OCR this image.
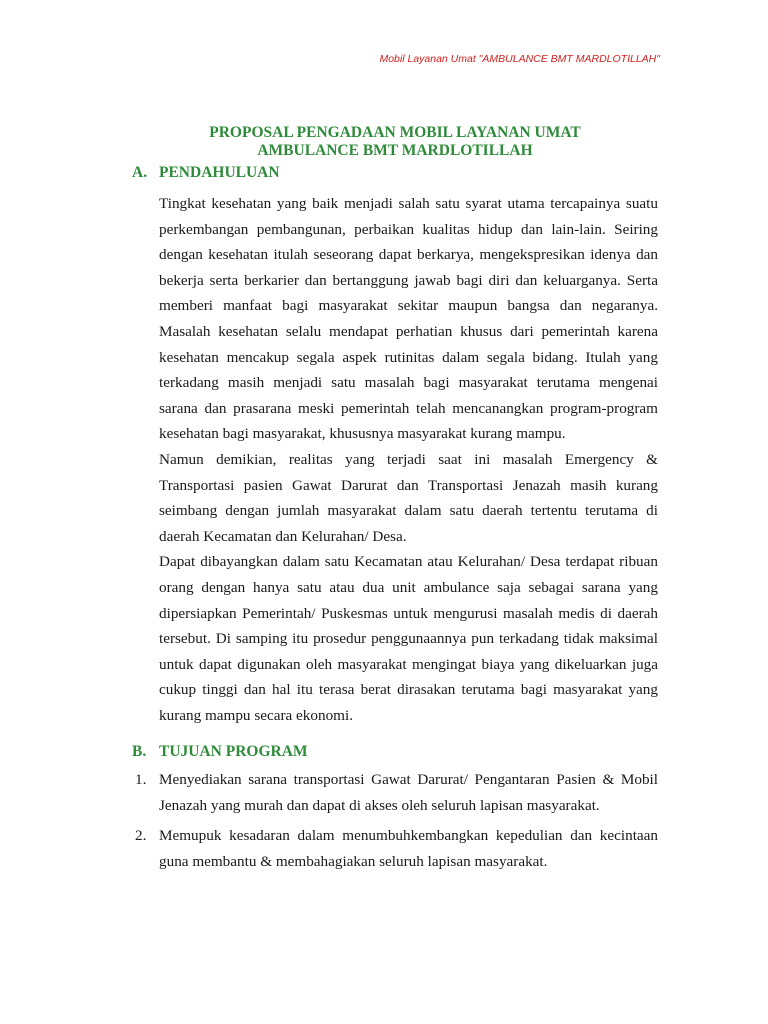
Mobil Layanan Umat "AMBULANCE BMT MARDLOTILLAH"
PROPOSAL PENGADAAN MOBIL LAYANAN UMAT
AMBULANCE BMT MARDLOTILLAH
A. PENDAHULUAN

Tingkat kesehatan yang baik menjadi salah satu syarat utama tercapainya suatu perkembangan pembangunan, perbaikan kualitas hidup dan lain-lain. Seiring dengan kesehatan itulah seseorang dapat berkarya, mengekspresikan idenya dan bekerja serta berkarier dan bertanggung jawab bagi diri dan keluarganya. Serta memberi manfaat bagi masyarakat sekitar maupun bangsa dan negaranya. Masalah kesehatan selalu mendapat perhatian khusus dari pemerintah karena kesehatan mencakup segala aspek rutinitas dalam segala bidang. Itulah yang terkadang masih menjadi satu masalah bagi masyarakat terutama mengenai sarana dan prasarana meski pemerintah telah mencanangkan program-program kesehatan bagi masyarakat, khususnya masyarakat kurang mampu.

Namun demikian, realitas yang terjadi saat ini masalah Emergency & Transportasi pasien Gawat Darurat dan Transportasi Jenazah masih kurang seimbang dengan jumlah masyarakat dalam satu daerah tertentu terutama di daerah Kecamatan dan Kelurahan/ Desa.

Dapat dibayangkan dalam satu Kecamatan atau Kelurahan/ Desa terdapat ribuan orang dengan hanya satu atau dua unit ambulance saja sebagai sarana yang dipersiapkan Pemerintah/ Puskesmas untuk mengurusi masalah medis di daerah tersebut. Di samping itu prosedur penggunaannya pun terkadang tidak maksimal untuk dapat digunakan oleh masyarakat mengingat biaya yang dikeluarkan juga cukup tinggi dan hal itu terasa berat dirasakan terutama bagi masyarakat yang kurang mampu secara ekonomi.

B. TUJUAN PROGRAM
1. Menyediakan sarana transportasi Gawat Darurat/ Pengantaran Pasien & Mobil Jenazah yang murah dan dapat di akses oleh seluruh lapisan masyarakat.
2. Memupuk kesadaran dalam menumbuhkembangkan kepedulian dan kecintaan guna membantu & membahagiakan seluruh lapisan masyarakat.
